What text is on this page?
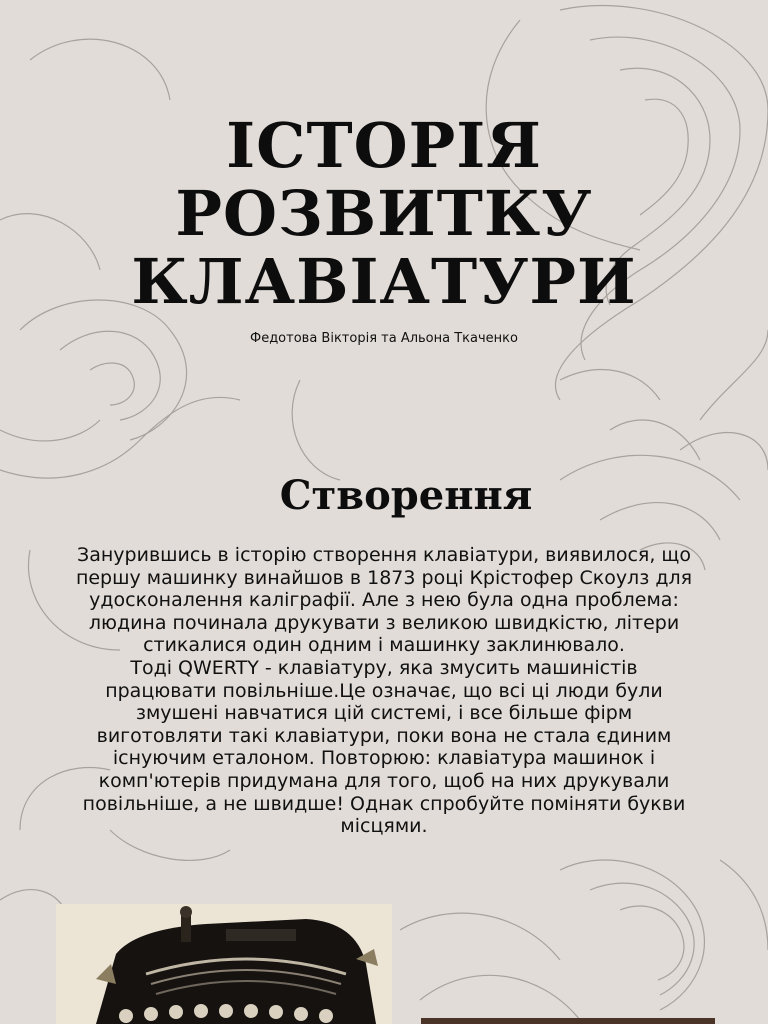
ІСТОРІЯ
РОЗВИТКУ
КЛАВІАТУРИ
Федотова Вікторія та Альона Ткаченко
Створення

Занурившись в історію створення клавіатури, виявилося, що
першу машинку винайшов в 1873 році Крістофер Скоулз для
удосконалення каліграфії. Але з нею була одна проблема:
людина починала друкувати з великою швидкістю, літери
стикалися один одним і машинку заклинювало.
Тоді QWERTY - клавіатуру, яка змусить машиністів
працювати повільніше.Це означає, що всі ці люди були
змушені навчатися цій системі, і все більше фірм
виготовляти такі клавіатури, поки вона не стала єдиним
існуючим еталоном. Повторюю: клавіатура машинок і
комп'ютерів придумана для того, щоб на них друкували
повільніше, а не швидше! Однак спробуйте поміняти букви
місцями.
